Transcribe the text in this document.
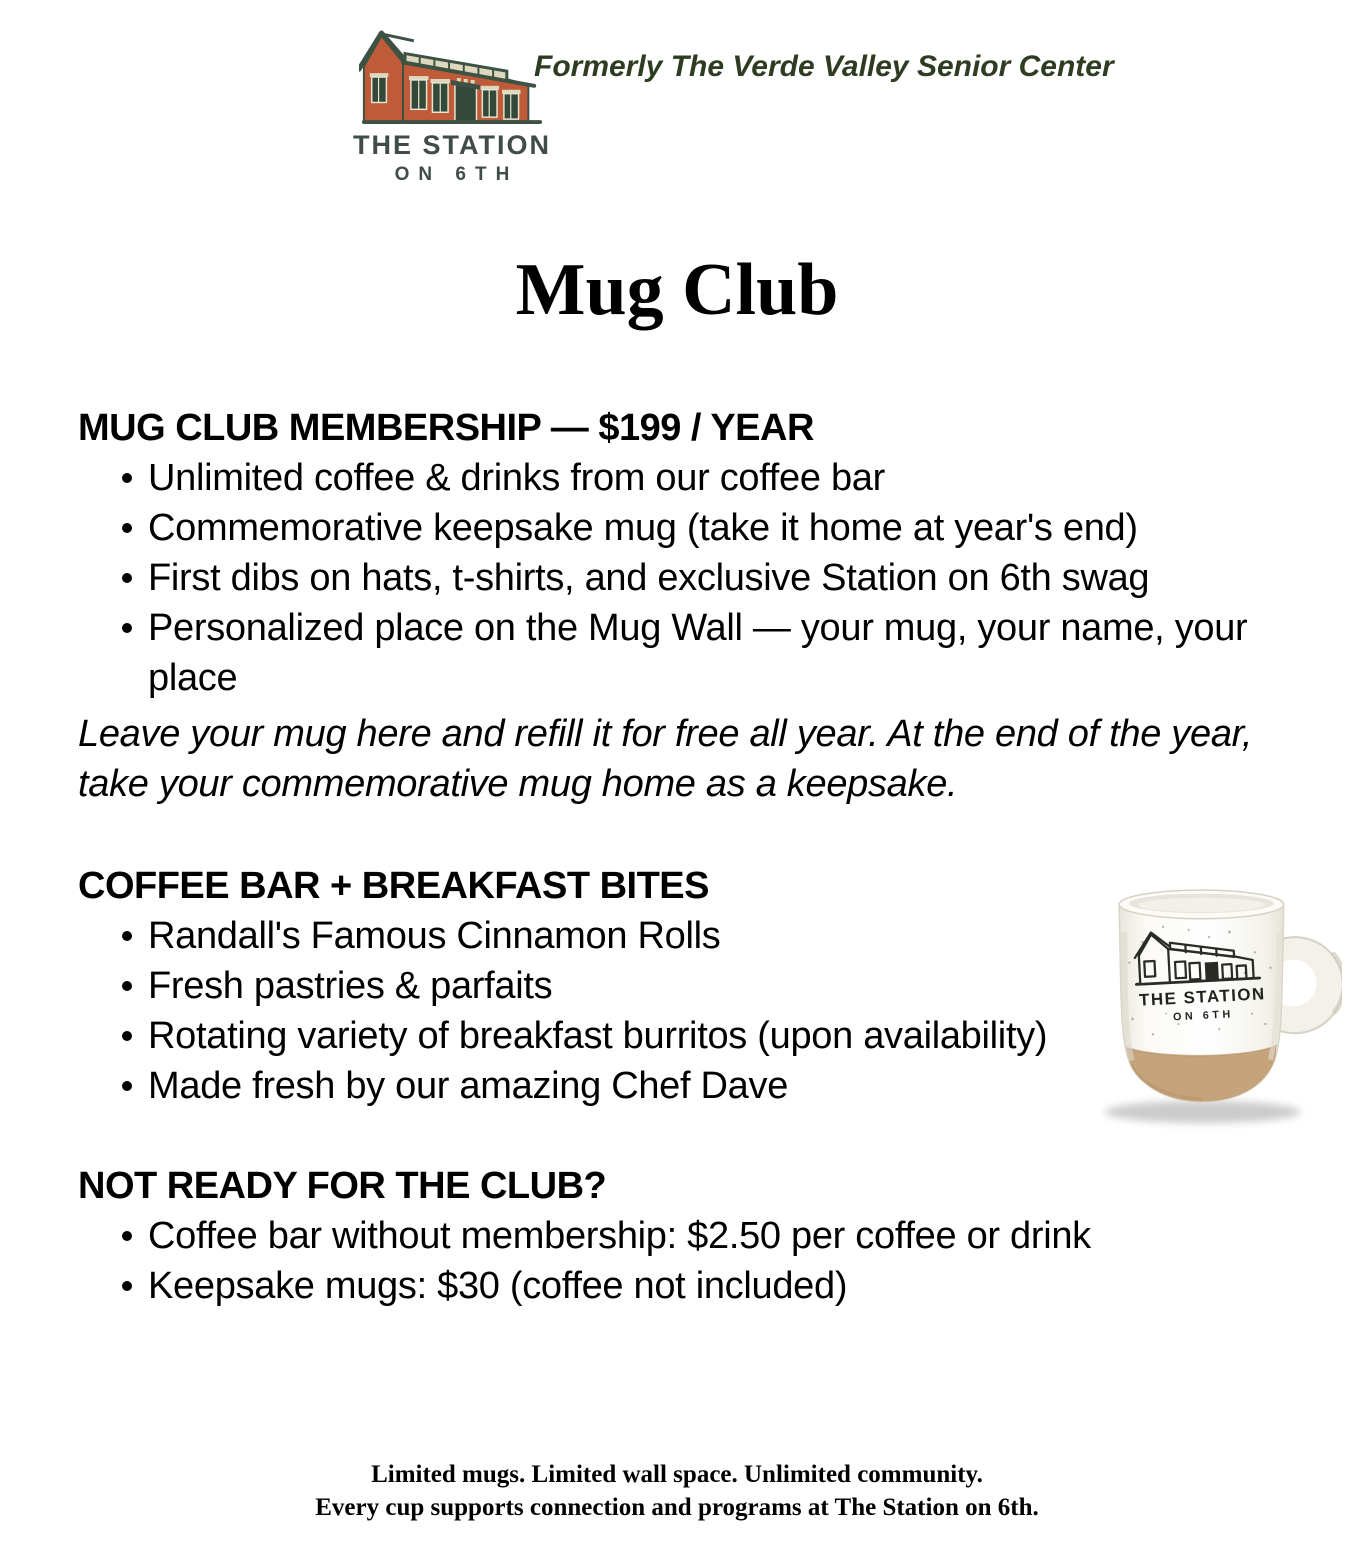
THE STATION
ON 6TH
Formerly The Verde Valley Senior Center
Mug Club
MUG CLUB MEMBERSHIP — $199 / YEAR
Unlimited coffee & drinks from our coffee bar
Commemorative keepsake mug (take it home at year's end)
First dibs on hats, t-shirts, and exclusive Station on 6th swag
Personalized place on the Mug Wall — your mug, your name, your place

Leave your mug here and refill it for free all year. At the end of the year, take your commemorative mug home as a keepsake.

COFFEE BAR + BREAKFAST BITES
Randall's Famous Cinnamon Rolls
Fresh pastries & parfaits
Rotating variety of breakfast burritos (upon availability)
Made fresh by our amazing Chef Dave
NOT READY FOR THE CLUB?
Coffee bar without membership: $2.50 per coffee or drink
Keepsake mugs: $30 (coffee not included)
THE STATION
ON 6TH
Limited mugs. Limited wall space. Unlimited community.
Every cup supports connection and programs at The Station on 6th.
